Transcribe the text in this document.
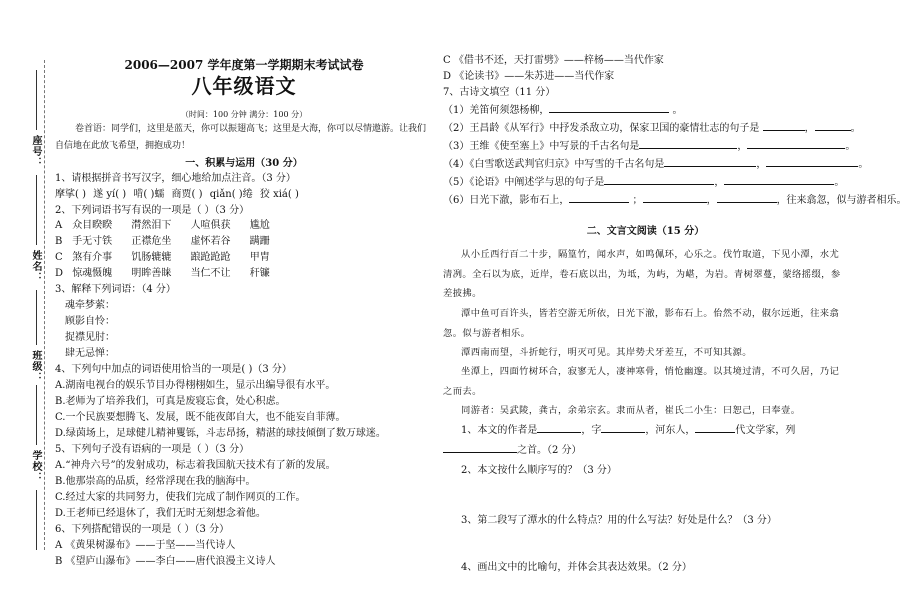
座号：
姓名：
班级：
学校：
2006—2007 学年度第一学期期末考试试卷
八年级语文
（时间：100 分钟 满分：100 分）
卷首语：同学们，这里是蓝天，你可以振翅高飞；这里是大海，你可以尽情遨游。让我们自信地在此放飞希望，拥抱成功！
一、积累与运用（30 分）
1、请根据拼音书写汉字，细心地给加点注音。（3 分）
摩挲( ) 遂 yí( ) 啃( )蠕 商贾( ) qiǎn( )绻 狡 xiá( )
2、下列词语书写有误的一项是（ ）（3 分）
A 众目睽睽 潸然泪下 人喧俱获 尴尬
B 手无寸铁 正襟危坐 虚怀若谷 蹒跚
C 煞有介事 饥肠辘辘 踉跄跄跄 甲胄
D 惊魂慑魄 明眸善睐 当仁不让 秆镰
3、解释下列词语：（4 分）
魂牵梦萦：
顾影自怜：
捉襟见肘：
肆无忌惮：
4、下列句中加点的词语使用恰当的一项是( )（3 分）
A.湖南电视台的娱乐节目办得栩栩如生，显示出编导很有水平。
B.老师为了培养我们，可真是废寝忘食，处心积虑。
C.一个民族要想腾飞、发展，既不能夜郎自大，也不能妄自菲薄。
D.绿茵场上，足球健儿精神矍铄，斗志昂扬，精湛的球技倾倒了数万球迷。
5、下列句子没有语病的一项是（ ）（3 分）
A.“神舟六号”的发射成功，标志着我国航天技术有了新的发展。
B.他那崇高的品质，经常浮现在我的脑海中。
C.经过大家的共同努力，使我们完成了制作网页的工作。
D.王老师已经退休了，我们无时无刻想念着他。
6、下列搭配错误的一项是（ ）（3 分）
A 《黄果树瀑布》——于坚——当代诗人
B 《望庐山瀑布》——李白——唐代浪漫主义诗人
C 《借书不还，天打雷劈》——梓杨——当代作家
D 《论读书》——朱苏进——当代作家
7、古诗文填空（11 分）
（1）羌笛何须怨杨柳，	。
（2）王昌龄《从军行》中抒发杀敌立功，保家卫国的豪情壮志的句子是	，	。
（3）王维《使至塞上》中写景的千古名句是	，	。
（4）《白雪歌送武判官归京》中写雪的千古名句是	，	。
（5）《论语》中阐述学与思的句子是	，	。
（6）日光下澈，影布石上，	；	，	，往来翕忽，似与游者相乐。
二、文言文阅读（15 分）
从小丘西行百二十步，隔篁竹，闻水声，如鸣佩环，心乐之。伐竹取道，下见小潭，水尤清冽。全石以为底，近岸，卷石底以出，为坻，为屿，为嵁，为岩。青树翠蔓，蒙络摇缀，参差披拂。
潭中鱼可百许头，皆若空游无所依，日光下澈，影布石上。佁然不动，俶尔远逝，往来翕忽。似与游者相乐。
潭西南而望，斗折蛇行，明灭可见。其岸势犬牙差互，不可知其源。
坐潭上，四面竹树环合，寂寥无人，凄神寒骨，悄怆幽邃。以其境过清，不可久居，乃记之而去。
同游者：吴武陵，龚古，余弟宗玄。隶而从者，崔氏二小生：曰恕己，曰奉壹。
1、本文的作者是	，字	，河东人，	代文学家，列
之首。（2 分）
2、本文按什么顺序写的？（3 分）
3、第二段写了潭水的什么特点？用的什么写法？好处是什么？（3 分）
4、画出文中的比喻句，并体会其表达效果。（2 分）
